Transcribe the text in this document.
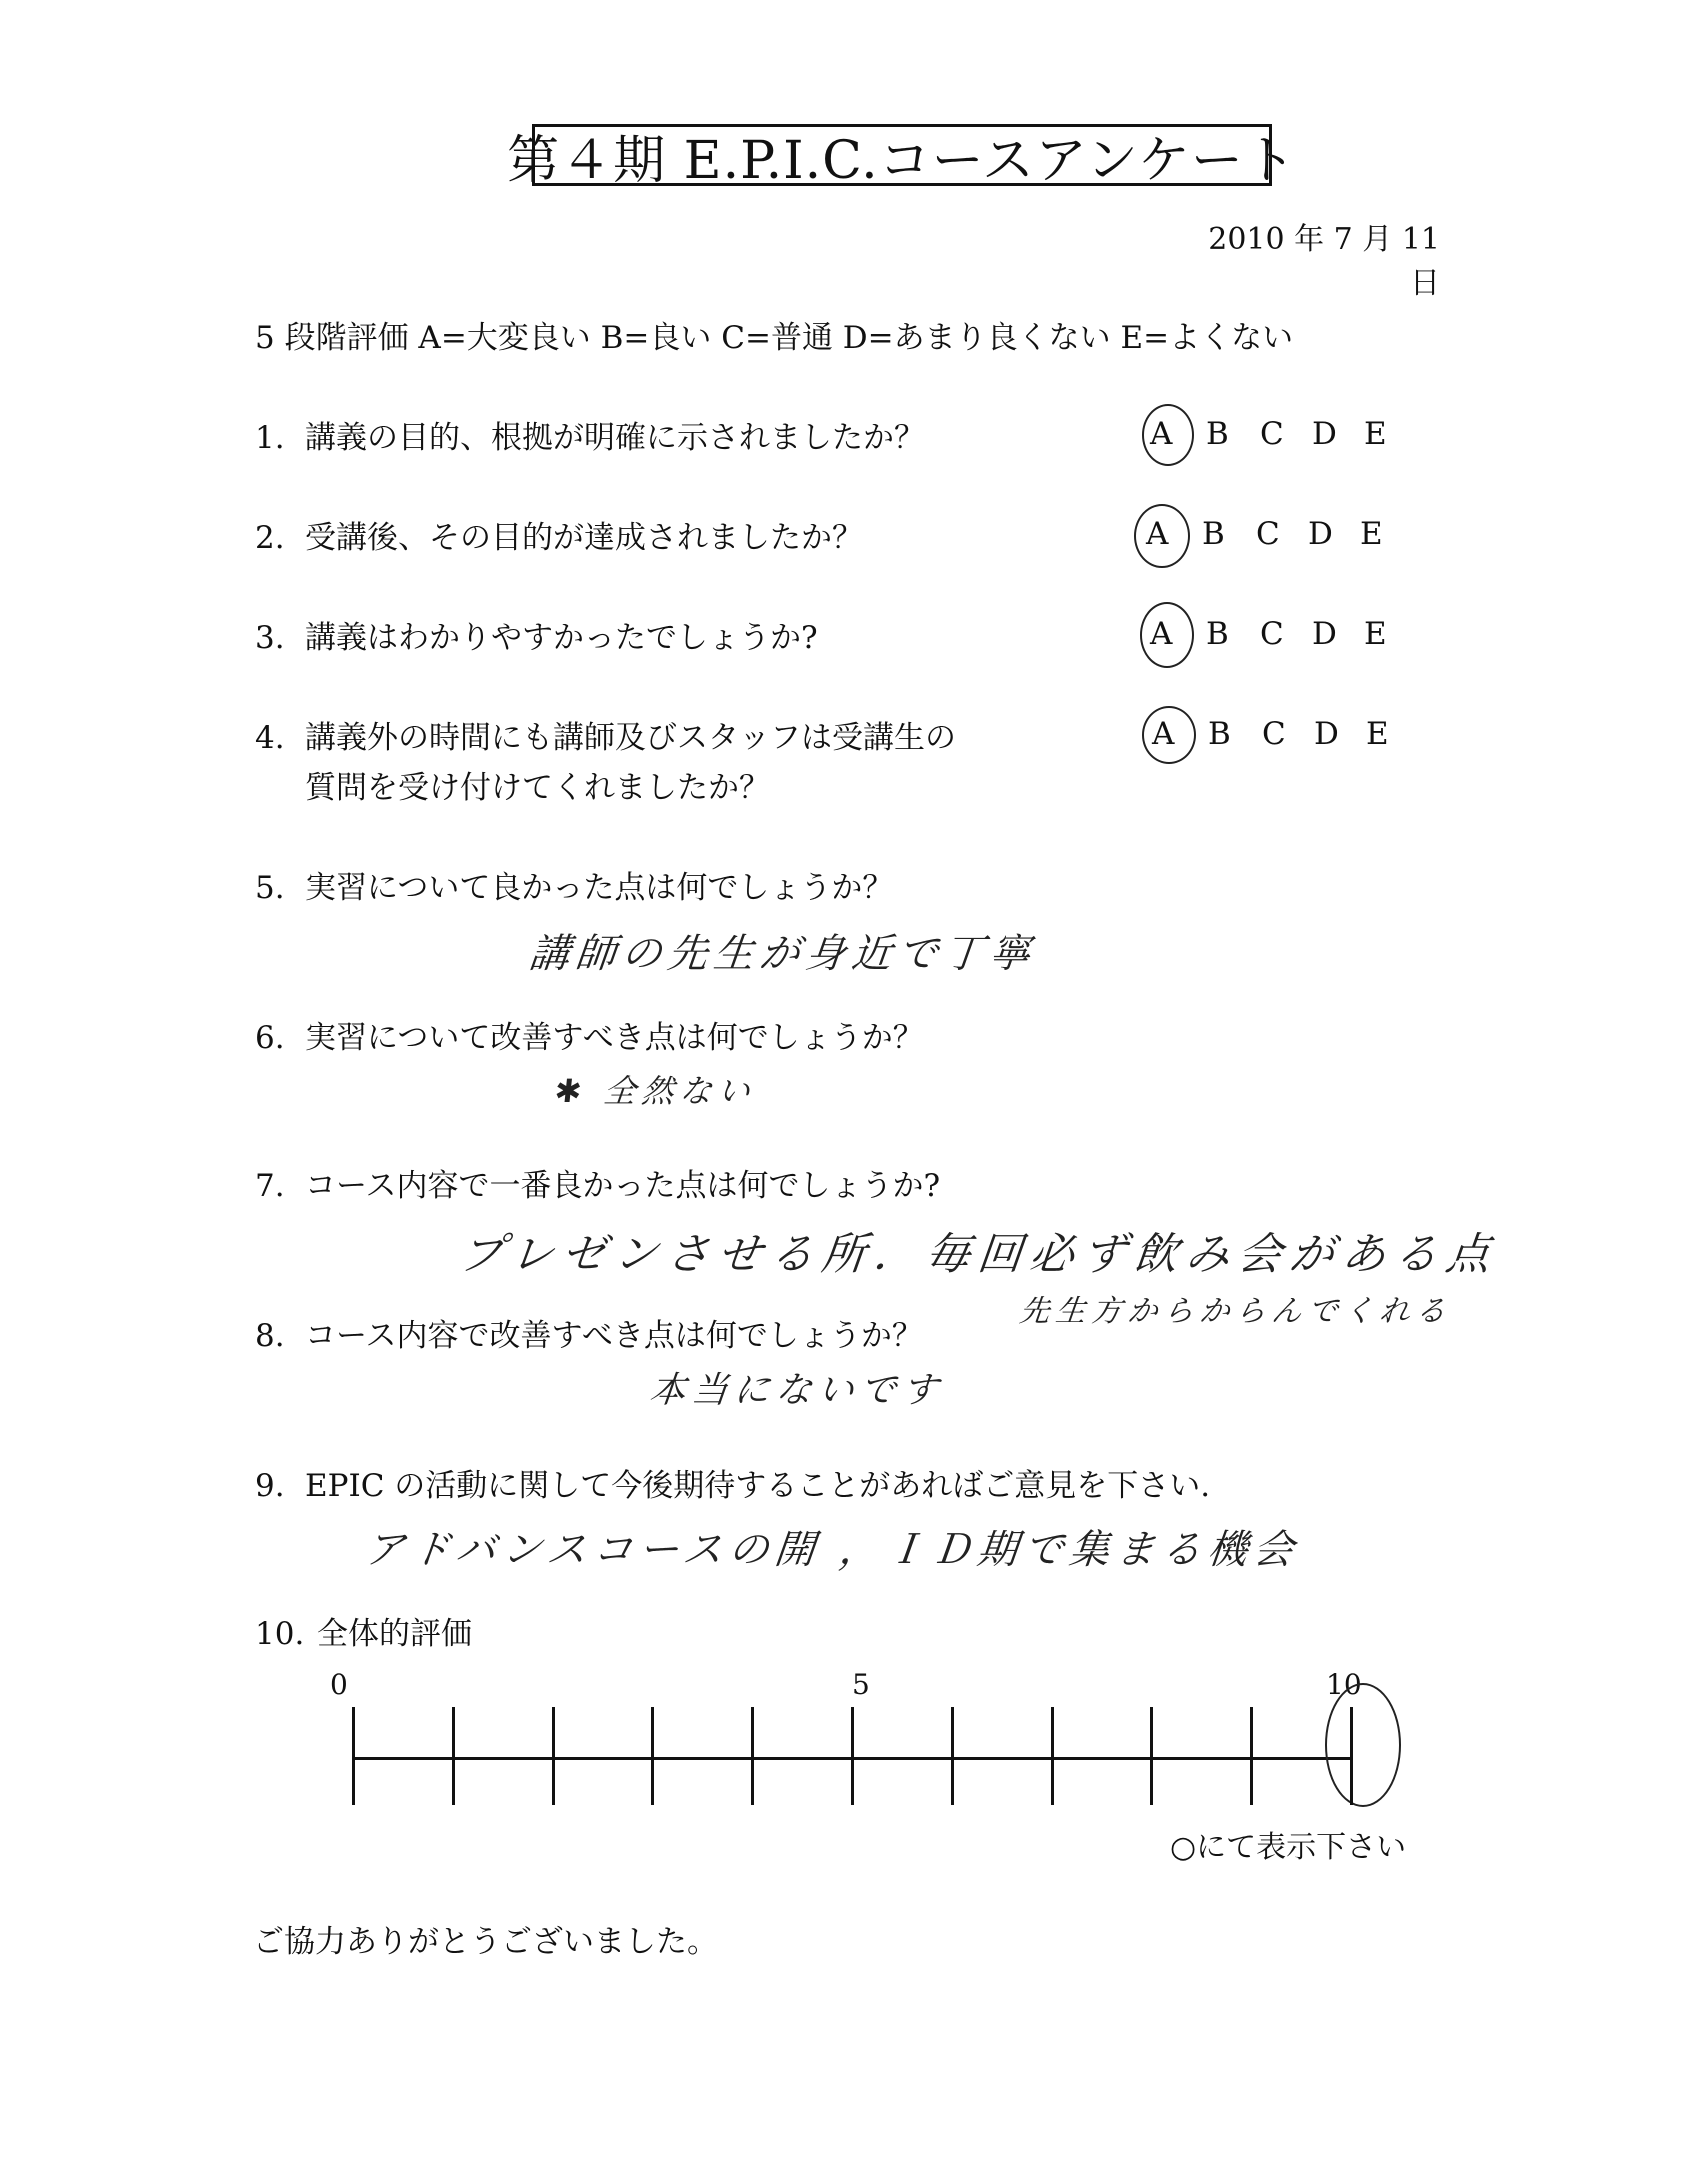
第４期 E.P.I.C.コースアンケート
2010 年 7 月 11 日
5 段階評価 A=大変良い B=良い C=普通 D=あまり良くない E=よくない
1. 講義の目的、根拠が明確に示されましたか？	A B C D E
2. 受講後、その目的が達成されましたか？	A B C D E
3. 講義はわかりやすかったでしょうか?	A B C D E
4. 講義外の時間にも講師及びスタッフは受講生の
質問を受け付けてくれましたか？
A B C D E
5. 実習について良かった点は何でしょうか？
講師の先生が身近で丁寧
6. 実習について改善すべき点は何でしょうか？
✱ 全然ない
7. コース内容で一番良かった点は何でしょうか?
プレゼンさせる所．毎回必ず飲み会がある点
先生方からからんでくれる
8. コース内容で改善すべき点は何でしょうか？
本当にないです
9. EPIC の活動に関して今後期待することがあればご意見を下さい.
アドバンスコースの開 ，ＩＤ期で集まる機会
10. 全体的評価
0	5	10
○にて表示下さい
ご協力ありがとうございました。
